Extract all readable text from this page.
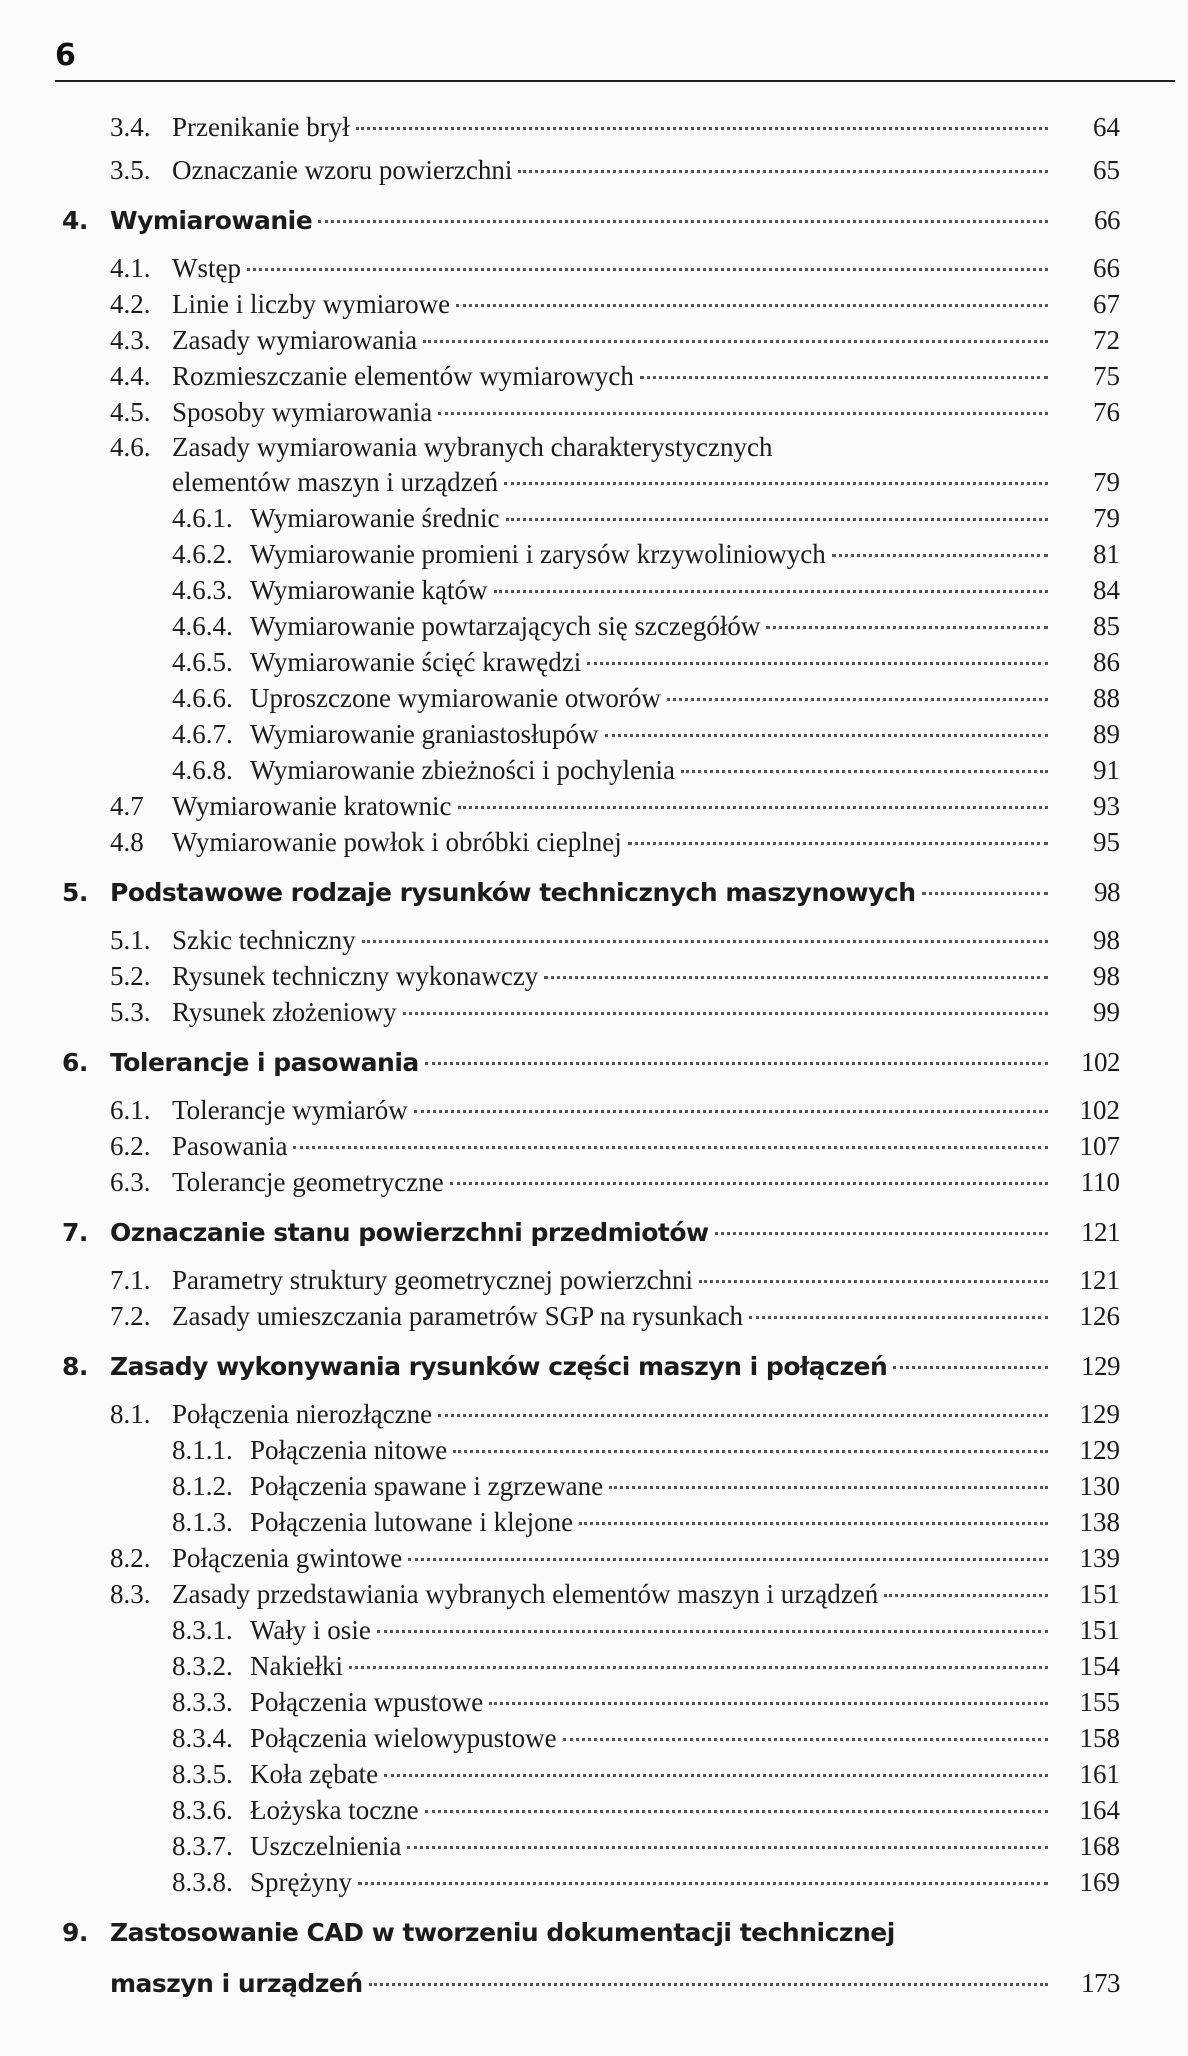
6
3.4. Przenikanie brył	64
3.5. Oznaczanie wzoru powierzchni	65
4. Wymiarowanie	66
4.1. Wstęp	66
4.2. Linie i liczby wymiarowe	67
4.3. Zasady wymiarowania	72
4.4. Rozmieszczanie elementów wymiarowych	75
4.5. Sposoby wymiarowania	76
4.6. Zasady wymiarowania wybranych charakterystycznych
elementów maszyn i urządzeń	79
4.6.1. Wymiarowanie średnic	79
4.6.2. Wymiarowanie promieni i zarysów krzywoliniowych	81
4.6.3. Wymiarowanie kątów	84
4.6.4. Wymiarowanie powtarzających się szczegółów	85
4.6.5. Wymiarowanie ścięć krawędzi	86
4.6.6. Uproszczone wymiarowanie otworów	88
4.6.7. Wymiarowanie graniastosłupów	89
4.6.8. Wymiarowanie zbieżności i pochylenia	91
4.7	Wymiarowanie kratownic	93
4.8	Wymiarowanie powłok i obróbki cieplnej	95
5. Podstawowe rodzaje rysunków technicznych maszynowych	98
5.1. Szkic techniczny	98
5.2. Rysunek techniczny wykonawczy	98
5.3. Rysunek złożeniowy	99
6. Tolerancje i pasowania	102
6.1. Tolerancje wymiarów	102
6.2. Pasowania	107
6.3. Tolerancje geometryczne	110
7. Oznaczanie stanu powierzchni przedmiotów	121
7.1. Parametry struktury geometrycznej powierzchni	121
7.2. Zasady umieszczania parametrów SGP na rysunkach	126
8. Zasady wykonywania rysunków części maszyn i połączeń	129
8.1. Połączenia nierozłączne	129
8.1.1. Połączenia nitowe	129
8.1.2. Połączenia spawane i zgrzewane	130
8.1.3. Połączenia lutowane i klejone	138
8.2. Połączenia gwintowe	139
8.3. Zasady przedstawiania wybranych elementów maszyn i urządzeń	151
8.3.1. Wały i osie	151
8.3.2. Nakiełki	154
8.3.3. Połączenia wpustowe	155
8.3.4. Połączenia wielowypustowe	158
8.3.5. Koła zębate	161
8.3.6. Łożyska toczne	164
8.3.7. Uszczelnienia	168
8.3.8. Sprężyny	169
9. Zastosowanie CAD w tworzeniu dokumentacji technicznej
maszyn i urządzeń	173
